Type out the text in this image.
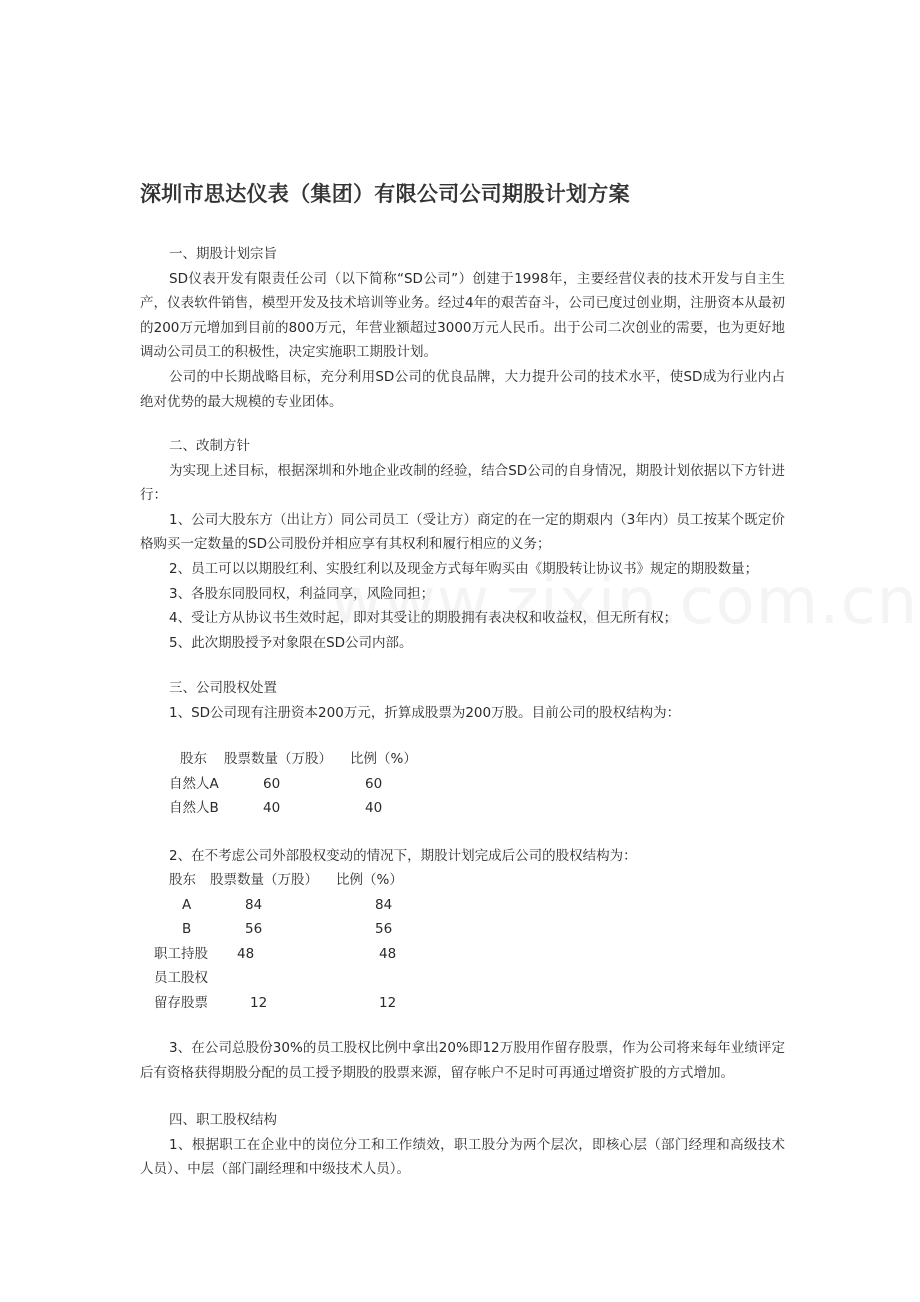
深圳市思达仪表（集团）有限公司公司期股计划方案

一、期股计划宗旨

SD仪表开发有限责任公司（以下简称“SD公司”）创建于1998年，主要经营仪表的技术开发与自主生产，仪表软件销售，模型开发及技术培训等业务。经过4年的艰苦奋斗，公司已度过创业期，注册资本从最初的200万元增加到目前的800万元，年营业额超过3000万元人民币。出于公司二次创业的需要，也为更好地调动公司员工的积极性，决定实施职工期股计划。

公司的中长期战略目标，充分利用SD公司的优良品牌，大力提升公司的技术水平，使SD成为行业内占绝对优势的最大规模的专业团体。

二、改制方针

为实现上述目标，根据深圳和外地企业改制的经验，结合SD公司的自身情况，期股计划依据以下方针进行：

1、公司大股东方（出让方）同公司员工（受让方）商定的在一定的期艰内（3年内）员工按某个既定价格购买一定数量的SD公司股份并相应享有其权利和履行相应的义务；

2、员工可以以期股红利、实股红利以及现金方式每年购买由《期股转让协议书》规定的期股数量；

3、各股东同股同权，利益同享，风险同担；

4、受让方从协议书生效时起，即对其受让的期股拥有表决权和收益权，但无所有权；

5、此次期股授予对象限在SD公司内部。

三、公司股权处置

1、SD公司现有注册资本200万元，折算成股票为200万股。目前公司的股权结构为：

股东 股票数量（万股） 比例（%）
自然人A	60	60
自然人B	40	40

2、在不考虑公司外部股权变动的情况下，期股计划完成后公司的股权结构为：

股东 股票数量（万股） 比例（%）
A	84	84
B	56	56
职工持股 48	48
员工股权
留存股票	12	12

3、在公司总股份30%的员工股权比例中拿出20%即12万股用作留存股票，作为公司将来每年业绩评定后有资格获得期股分配的员工授予期股的股票来源，留存帐户不足时可再通过增资扩股的方式增加。

四、职工股权结构

1、根据职工在企业中的岗位分工和工作绩效，职工股分为两个层次，即核心层（部门经理和高级技术人员）、中层（部门副经理和中级技术人员）。
